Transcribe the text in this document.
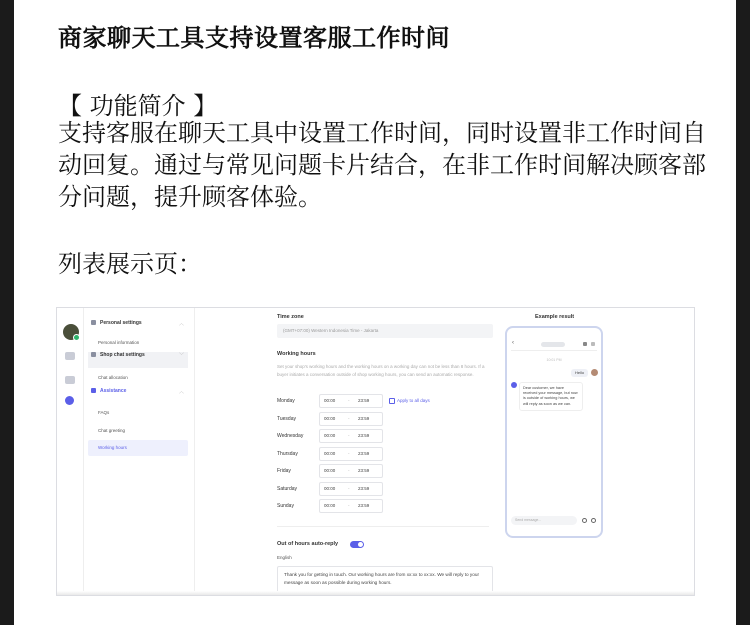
商家聊天工具支持设置客服工作时间
【 功能简介 】
支持客服在聊天工具中设置工作时间，同时设置非工作时间自动回复。通过与常见问题卡片结合，在非工作时间解决顾客部分问题，提升顾客体验。
列表展示页：
Personal settings	︿
Personal information
Shop chat settings	﹀
Chat allocation
Assistance	︿
FAQs
Chat greeting
Working hours
Time zone
(GMT+07:00) Western Indonesia Time - Jakarta
Working hours
Set your shop's working hours and the working hours on a working day can not be less than 8 hours. If a buyer initiates a conversation outside of shop working hours, you can send an automatic response.
Monday	00:00	- 23:59	Apply to all days
Tuesday	00:00	- 23:59
Wednesday	00:00	- 23:59
Thursday	00:00	- 23:59
Friday	00:00	- 23:59
Saturday	00:00	- 23:59
Sunday	00:00	- 23:59
Out of hours auto-reply
English
Thank you for getting in touch. Our working hours are from xx:xx to xx:xx. We will reply to your message as soon as possible during working hours.
Example result
‹
10:01 PM
Hello
Dear customer, we have received your message, but now is outside of working hours, we will reply as soon as we can.
Send message...
